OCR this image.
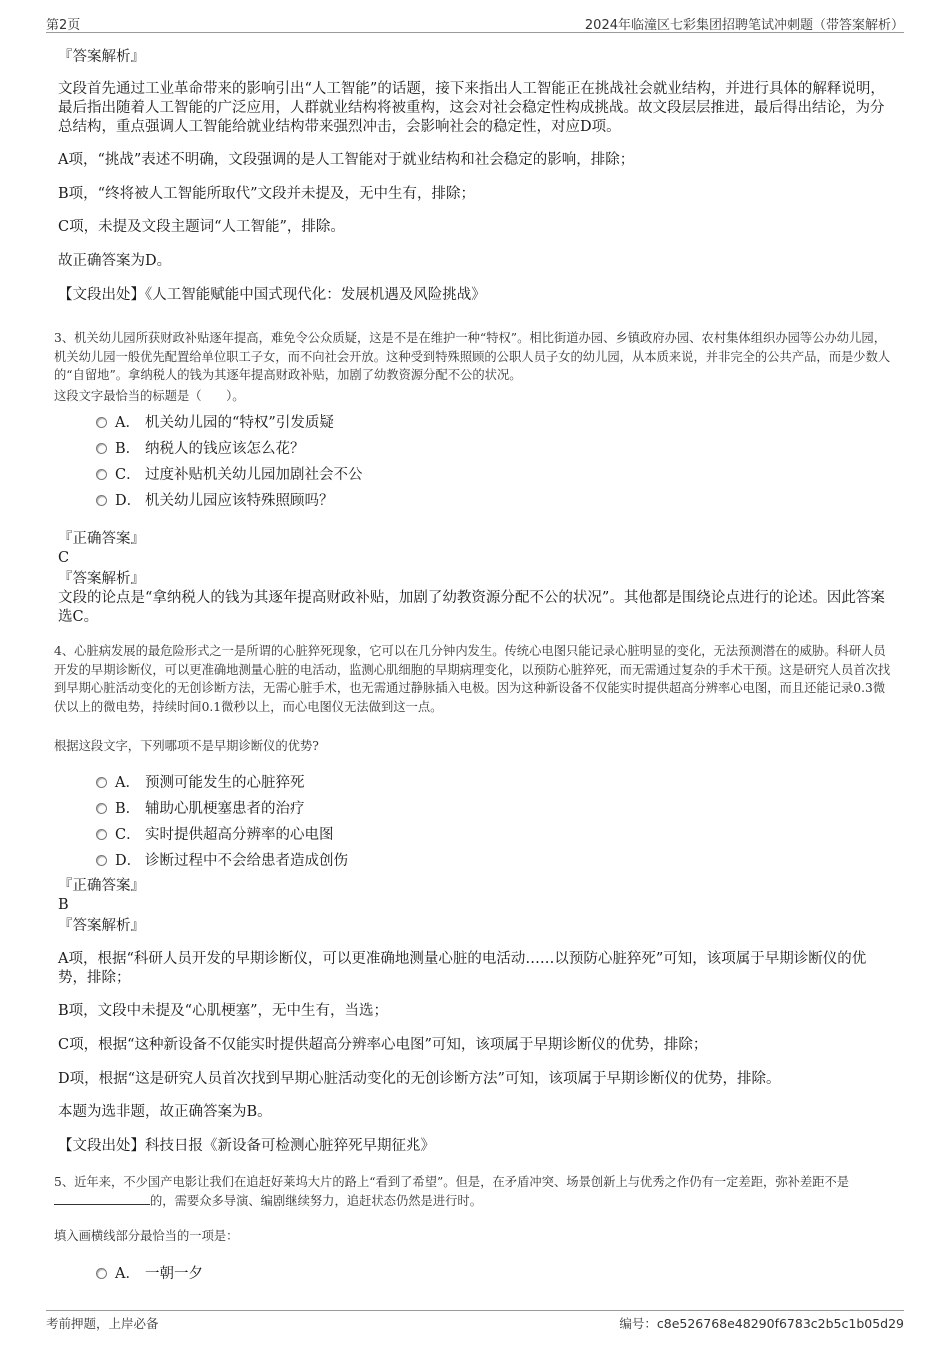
第2页	2024年临潼区七彩集团招聘笔试冲刺题（带答案解析）

『答案解析』

文段首先通过工业革命带来的影响引出“人工智能”的话题，接下来指出人工智能正在挑战社会就业结构，并进行具体的解释说明，最后指出随着人工智能的广泛应用，人群就业结构将被重构，这会对社会稳定性构成挑战。故文段层层推进，最后得出结论，为分总结构，重点强调人工智能给就业结构带来强烈冲击，会影响社会的稳定性，对应D项。

A项，“挑战”表述不明确，文段强调的是人工智能对于就业结构和社会稳定的影响，排除；

B项，“终将被人工智能所取代”文段并未提及，无中生有，排除；

C项，未提及文段主题词“人工智能”，排除。

故正确答案为D。

【文段出处】《人工智能赋能中国式现代化：发展机遇及风险挑战》

3、机关幼儿园所获财政补贴逐年提高，难免令公众质疑，这是不是在维护一种“特权”。相比街道办园、乡镇政府办园、农村集体组织办园等公办幼儿园，机关幼儿园一般优先配置给单位职工子女，而不向社会开放。这种受到特殊照顾的公职人员子女的幼儿园，从本质来说，并非完全的公共产品，而是少数人的“自留地”。拿纳税人的钱为其逐年提高财政补贴，加剧了幼教资源分配不公的状况。

这段文字最恰当的标题是（　　）。

A． 机关幼儿园的“特权”引发质疑
B． 纳税人的钱应该怎么花？
C． 过度补贴机关幼儿园加剧社会不公
D． 机关幼儿园应该特殊照顾吗？

『正确答案』

C

『答案解析』

文段的论点是“拿纳税人的钱为其逐年提高财政补贴，加剧了幼教资源分配不公的状况”。其他都是围绕论点进行的论述。因此答案选C。

4、心脏病发展的最危险形式之一是所谓的心脏猝死现象，它可以在几分钟内发生。传统心电图只能记录心脏明显的变化，无法预测潜在的威胁。科研人员开发的早期诊断仪，可以更准确地测量心脏的电活动，监测心肌细胞的早期病理变化，以预防心脏猝死，而无需通过复杂的手术干预。这是研究人员首次找到早期心脏活动变化的无创诊断方法，无需心脏手术，也无需通过静脉插入电极。因为这种新设备不仅能实时提供超高分辨率心电图，而且还能记录0.3微伏以上的微电势，持续时间0.1微秒以上，而心电图仪无法做到这一点。

根据这段文字，下列哪项不是早期诊断仪的优势?

A． 预测可能发生的心脏猝死
B． 辅助心肌梗塞患者的治疗
C． 实时提供超高分辨率的心电图
D． 诊断过程中不会给患者造成创伤

『正确答案』

B

『答案解析』

A项，根据“科研人员开发的早期诊断仪，可以更准确地测量心脏的电活动……以预防心脏猝死”可知，该项属于早期诊断仪的优势，排除；

B项，文段中未提及“心肌梗塞”，无中生有，当选；

C项，根据“这种新设备不仅能实时提供超高分辨率心电图”可知，该项属于早期诊断仪的优势，排除；

D项，根据“这是研究人员首次找到早期心脏活动变化的无创诊断方法”可知，该项属于早期诊断仪的优势，排除。

本题为选非题，故正确答案为B。

【文段出处】科技日报《新设备可检测心脏猝死早期征兆》

5、近年来，不少国产电影让我们在追赶好莱坞大片的路上“看到了希望”。但是，在矛盾冲突、场景创新上与优秀之作仍有一定差距，弥补差距不是的，需要众多导演、编剧继续努力，追赶状态仍然是进行时。

填入画横线部分最恰当的一项是：

A． 一朝一夕
考前押题，上岸必备	编号：c8e526768e48290f6783c2b5c1b05d29
